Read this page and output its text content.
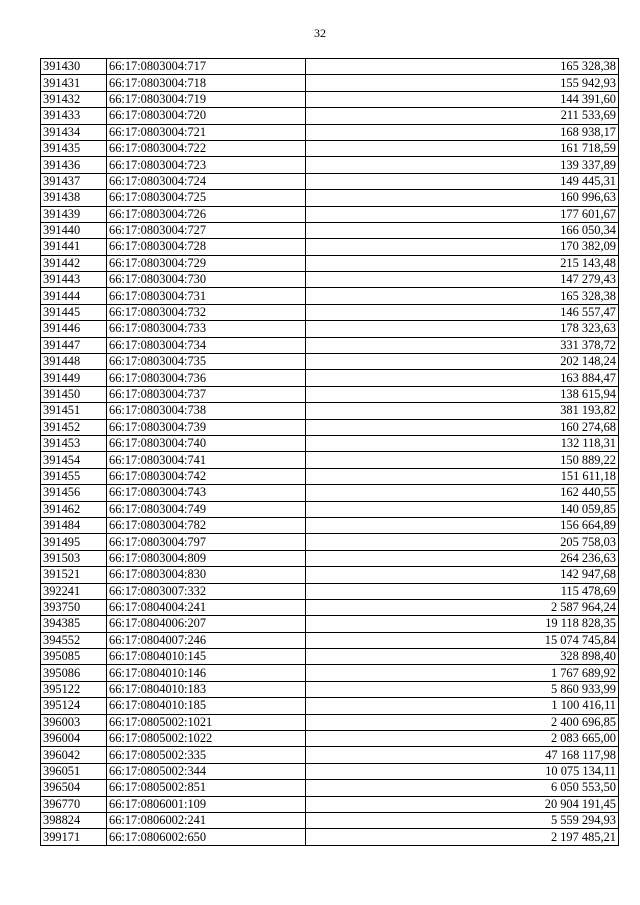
32
391430	66:17:0803004:717	165 328,38
391431	66:17:0803004:718	155 942,93
391432	66:17:0803004:719	144 391,60
391433	66:17:0803004:720	211 533,69
391434	66:17:0803004:721	168 938,17
391435	66:17:0803004:722	161 718,59
391436	66:17:0803004:723	139 337,89
391437	66:17:0803004:724	149 445,31
391438	66:17:0803004:725	160 996,63
391439	66:17:0803004:726	177 601,67
391440	66:17:0803004:727	166 050,34
391441	66:17:0803004:728	170 382,09
391442	66:17:0803004:729	215 143,48
391443	66:17:0803004:730	147 279,43
391444	66:17:0803004:731	165 328,38
391445	66:17:0803004:732	146 557,47
391446	66:17:0803004:733	178 323,63
391447	66:17:0803004:734	331 378,72
391448	66:17:0803004:735	202 148,24
391449	66:17:0803004:736	163 884,47
391450	66:17:0803004:737	138 615,94
391451	66:17:0803004:738	381 193,82
391452	66:17:0803004:739	160 274,68
391453	66:17:0803004:740	132 118,31
391454	66:17:0803004:741	150 889,22
391455	66:17:0803004:742	151 611,18
391456	66:17:0803004:743	162 440,55
391462	66:17:0803004:749	140 059,85
391484	66:17:0803004:782	156 664,89
391495	66:17:0803004:797	205 758,03
391503	66:17:0803004:809	264 236,63
391521	66:17:0803004:830	142 947,68
392241	66:17:0803007:332	115 478,69
393750	66:17:0804004:241	2 587 964,24
394385	66:17:0804006:207	19 118 828,35
394552	66:17:0804007:246	15 074 745,84
395085	66:17:0804010:145	328 898,40
395086	66:17:0804010:146	1 767 689,92
395122	66:17:0804010:183	5 860 933,99
395124	66:17:0804010:185	1 100 416,11
396003	66:17:0805002:1021	2 400 696,85
396004	66:17:0805002:1022	2 083 665,00
396042	66:17:0805002:335	47 168 117,98
396051	66:17:0805002:344	10 075 134,11
396504	66:17:0805002:851	6 050 553,50
396770	66:17:0806001:109	20 904 191,45
398824	66:17:0806002:241	5 559 294,93
399171	66:17:0806002:650	2 197 485,21
